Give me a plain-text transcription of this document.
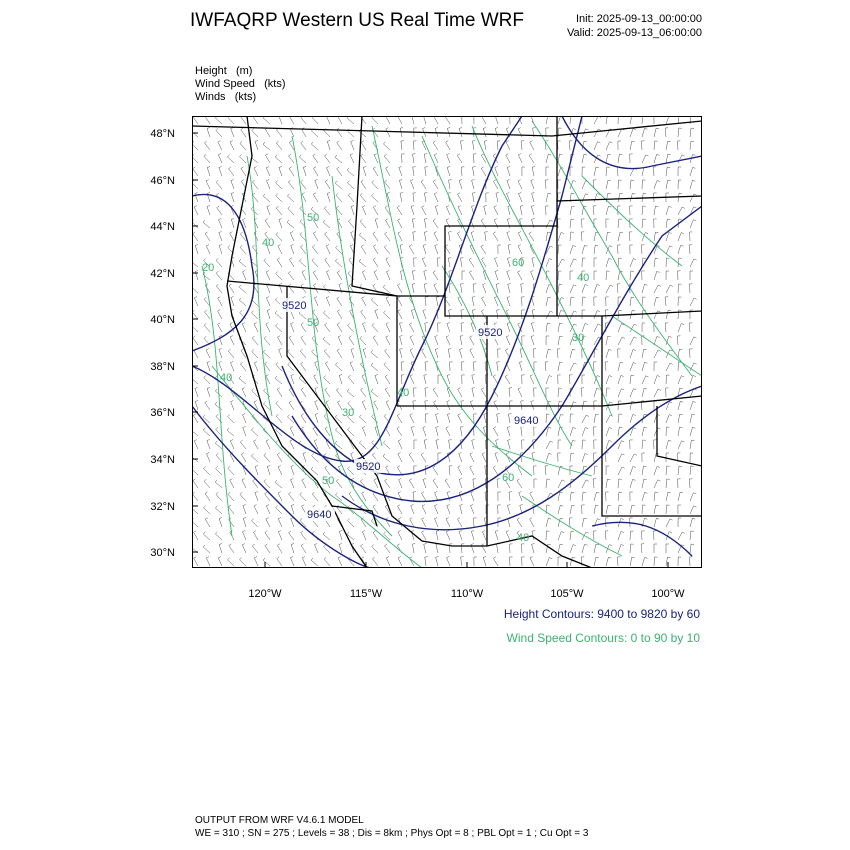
IWFAQRP Western US Real Time WRF	Init: 2025-09-13_00:00:00
Valid: 2025-09-13_06:00:00
Height (m)
Wind Speed (kts)
Winds (kts)
48°N
46°N
44°N
42°N
40°N
38°N
36°N
34°N
32°N
30°N
120°W	115°W	110°W	105°W	100°W
9520
9520
9640
9520
9640
40
50
60
40
50
40
30
20
40
30
50	60
40
Height Contours: 9400 to 9820 by 60
Wind Speed Contours: 0 to 90 by 10
OUTPUT FROM WRF V4.6.1 MODEL
WE = 310 ; SN = 275 ; Levels = 38 ; Dis = 8km ; Phys Opt = 8 ; PBL Opt = 1 ; Cu Opt = 3
